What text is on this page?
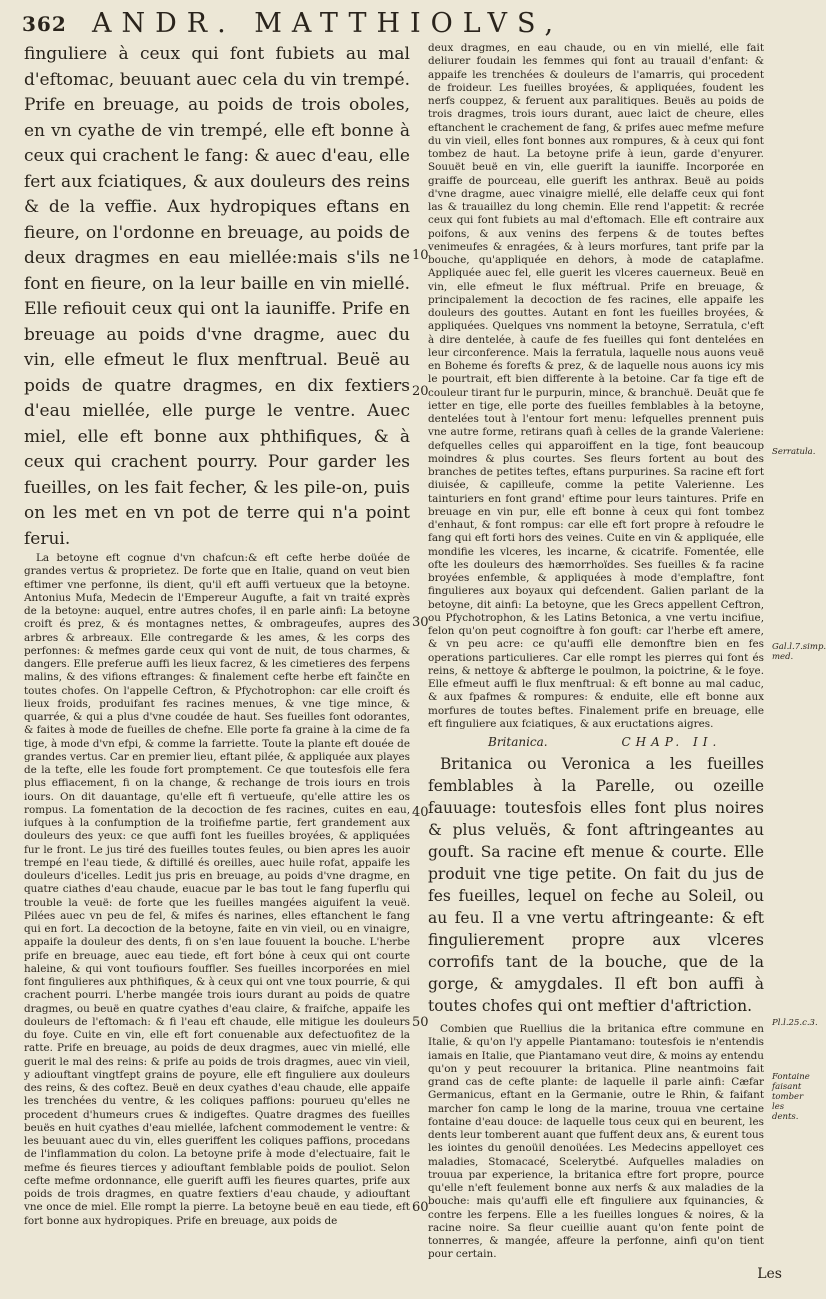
362 ANDR. MATTHIOLVS,

finguliere à ceux qui font fubiets au mal d'eftomac, beuuant auec cela du vin trempé. Prife en breuage, au poids de trois oboles, en vn cyathe de vin trempé, elle eft bonne à ceux qui crachent le fang: & auec d'eau, elle fert aux fciatiques, & aux douleurs des reins & de la veffie. Aux hydropiques eftans en fieure, on l'ordonne en breuage, au poids de deux dragmes en eau miellée:mais s'ils ne font en fieure, on la leur baille en vin miellé. Elle refiouit ceux qui ont la iauniffe. Prife en breuage au poids d'vne dragme, auec du vin, elle efmeut le flux menftrual. Beuë au poids de quatre dragmes, en dix fextiers d'eau miellée, elle purge le ventre. Auec miel, elle eft bonne aux phthifiques, & à ceux qui crachent pourry. Pour garder les fueilles, on les fait fecher, & les pile-on, puis on les met en vn pot de terre qui n'a point ferui.

La betoyne eft cognue d'vn chafcun:& eft cefte herbe doüée de grandes vertus & proprietez. De forte que en Italie, quand on veut bien eftimer vne perfonne, ils dient, qu'il eft auffi vertueux que la betoyne. Antonius Mufa, Medecin de l'Empereur Augufte, a fait vn traité exprès de la betoyne: auquel, entre autres chofes, il en parle ainfi: La betoyne croift és prez, & és montagnes nettes, & ombrageufes, aupres des arbres & arbreaux. Elle contregarde & les ames, & les corps des perfonnes: & mefmes garde ceux qui vont de nuit, de tous charmes, & dangers. Elle preferue auffi les lieux facrez, & les cimetieres des ferpens malins, & des vifions eftranges: & finalement cefte herbe eft fainčte en toutes chofes. On l'appelle Ceftron, & Pfychotrophon: car elle croift és lieux froids, produifant fes racines menues, & vne tige mince, & quarrée, & qui a plus d'vne coudée de haut. Ses fueilles font odorantes, & faites à mode de fueilles de chefne. Elle porte fa graine à la cime de fa tige, à mode d'vn efpi, & comme la farriette. Toute la plante eft douée de grandes vertus. Car en premier lieu, eftant pilée, & appliquée aux playes de la tefte, elle les foude fort promptement. Ce que toutesfois elle fera plus effiacement, fi on la change, & rechange de trois iours en trois iours. On dit dauantage, qu'elle eft fi vertueufe, qu'elle attire les os rompus. La fomentation de la decoction de fes racines, cuites en eau, iufques à la confumption de la troifiefme partie, fert grandement aux douleurs des yeux: ce que auffi font les fueilles broyées, & appliquées fur le front. Le jus tiré des fueilles toutes feules, ou bien apres les auoir trempé en l'eau tiede, & diftillé és oreilles, auec huile rofat, appaife les douleurs d'icelles. Ledit jus pris en breuage, au poids d'vne dragme, en quatre ciathes d'eau chaude, euacue par le bas tout le fang fuperflu qui trouble la veuë: de forte que les fueilles mangées aiguifent la veuë. Pilées auec vn peu de fel, & mifes és narines, elles eftanchent le fang qui en fort. La decoction de la betoyne, faite en vin vieil, ou en vinaigre, appaife la douleur des dents, fi on s'en laue fouuent la bouche. L'herbe prife en breuage, auec eau tiede, eft fort bóne à ceux qui ont courte haleine, & qui vont toufiours fouffler. Ses fueilles incorporées en miel font fingulieres aux phthifiques, & à ceux qui ont vne toux pourrie, & qui crachent pourri. L'herbe mangée trois iours durant au poids de quatre dragmes, ou beuë en quatre cyathes d'eau claire, & fraifche, appaife les douleurs de l'eftomach: & fi l'eau eft chaude, elle mitigue les douleurs du foye. Cuite en vin, elle eft fort conuenable aux defectuofitez de la ratte. Prife en breuage, au poids de deux dragmes, auec vin miellé, elle guerit le mal des reins: & prife au poids de trois dragmes, auec vin vieil, y adiouftant vingtfept grains de poyure, elle eft finguliere aux douleurs des reins, & des coftez. Beuë en deux cyathes d'eau chaude, elle appaife les trenchées du ventre, & les coliques paffions: pourueu qu'elles ne procedent d'humeurs crues & indigeftes. Quatre dragmes des fueilles beuës en huit cyathes d'eau miellée, lafchent commodement le ventre: & les beuuant auec du vin, elles gueriffent les coliques paffions, procedans de l'inflammation du colon. La betoyne prife à mode d'electuaire, fait le mefme és fieures tierces y adiouftant femblable poids de pouliot. Selon cefte mefme ordonnance, elle guerift auffi les fieures quartes, prife aux poids de trois dragmes, en quatre fextiers d'eau chaude, y adiouftant vne once de miel. Elle rompt la pierre. La betoyne beuë en eau tiede, eft fort bonne aux hydropiques. Prife en breuage, aux poids de

deux dragmes, en eau chaude, ou en vin miellé, elle fait deliurer foudain les femmes qui font au trauail d'enfant: & appaife les trenchées & douleurs de l'amarris, qui procedent de froideur. Les fueilles broyées, & appliquées, foudent les nerfs couppez, & feruent aux paralitiques. Beuës au poids de trois dragmes, trois iours durant, auec laict de cheure, elles eftanchent le crachement de fang, & prifes auec mefme mefure du vin vieil, elles font bonnes aux rompures, & à ceux qui font tombez de haut. La betoyne prife à ieun, garde d'enyurer. Souuët beuë en vin, elle guerift la iauniffe. Incorporée en graiffe de pourceau, elle guerift les anthrax. Beuë au poids d'vne dragme, auec vinaigre miellé, elle delaffe ceux qui font las & trauaillez du long chemin. Elle rend l'appetit: & recrée ceux qui font fubiets au mal d'eftomach. Elle eft contraire aux poifons, & aux venins des ferpens & de toutes beftes venimeufes & enragées, & à leurs morfures, tant prife par la bouche, qu'appliquée en dehors, à mode de cataplafme. Appliquée auec fel, elle guerit les vlceres cauerneux. Beuë en vin, elle efmeut le flux méftrual. Prife en breuage, & principalement la decoction de fes racines, elle appaife les douleurs des gouttes. Autant en font les fueilles broyées, & appliquées. Quelques vns nomment la betoyne, Serratula, c'eft à dire dentelée, à caufe de fes fueilles qui font dentelées en leur circonference. Mais la ferratula, laquelle nous auons veuë en Boheme és forefts & prez, & de laquelle nous auons icy mis le pourtrait, eft bien differente à la betoine. Car fa tige eft de couleur tirant fur le purpurin, mince, & branchuë. Deuāt que fe ietter en tige, elle porte des fueilles femblables à la betoyne, dentelées tout à l'entour fort menu: lefquelles prennent puis vne autre forme, retirans quafi à celles de la grande Valeriene: defquelles celles qui apparoiffent en la tige, font beaucoup moindres & plus courtes. Ses fleurs fortent au bout des branches de petites teftes, eftans purpurines. Sa racine eft fort diuisée, & capilleufe, comme la petite Valerienne. Les tainturiers en font grand' eftime pour leurs taintures. Prife en breuage en vin pur, elle eft bonne à ceux qui font tombez d'enhaut, & font rompus: car elle eft fort propre à refoudre le fang qui eft forti hors des veines. Cuite en vin & appliquée, elle mondifie les vlceres, les incarne, & cicatrife. Fomentée, elle ofte les douleurs des hæmorrhoïdes. Ses fueilles & fa racine broyées enfemble, & appliquées à mode d'emplaftre, font fingulieres aux boyaux qui defcendent. Galien parlant de la betoyne, dit ainfi: La betoyne, que les Grecs appellent Ceftron, ou Pfychotrophon, & les Latins Betonica, a vne vertu incifiue, felon qu'on peut cognoiftre à fon gouft: car l'herbe eft amere, & vn peu acre: ce qu'auffi elle demonftre bien en fes operations particulieres. Car elle rompt les pierres qui font és reins, & nettoye & abfterge le poulmon, la poictrine, & le foye. Elle efmeut auffi le flux menftrual: & eft bonne au mal caduc, & aux fpafmes & rompures: & enduite, elle eft bonne aux morfures de toutes beftes. Finalement prife en breuage, elle eft finguliere aux fciatiques, & aux eructations aigres.

Britanica.	CHAP. II.

Britanica ou Veronica a les fueilles femblables à la Parelle, ou ozeille fauuage: toutesfois elles font plus noires & plus veluës, & font aftringeantes au gouft. Sa racine eft menue & courte. Elle produit vne tige petite. On fait du jus de fes fueilles, lequel on feche au Soleil, ou au feu. Il a vne vertu aftringeante: & eft fingulierement propre aux vlceres corrofifs tant de la bouche, que de la gorge, & amygdales. Il eft bon auffi à toutes chofes qui ont meftier d'aftriction.

Combien que Ruellius die la britanica eftre commune en Italie, & qu'on l'y appelle Piantamano: toutesfois ie n'entendis iamais en Italie, que Piantamano veut dire, & moins ay entendu qu'on y peut recouurer la britanica. Pline neantmoins fait grand cas de cefte plante: de laquelle il parle ainfi: Cæfar Germanicus, eftant en la Germanie, outre le Rhin, & faifant marcher fon camp le long de la marine, trouua vne certaine fontaine d'eau douce: de laquelle tous ceux qui en beurent, les dents leur tomberent auant que fuffent deux ans, & eurent tous les iointes du genoüil denoüées. Les Medecins appelloyet ces maladies, Stomacacé, Scelerytbé. Aufquelles maladies on trouua par experience, la britanica eftre fort propre, pource qu'elle n'eft feulement bonne aux nerfs & aux maladies de la bouche: mais qu'auffi elle eft finguliere aux fquinancies, & contre les ferpens. Elle a les fueilles longues & noires, & la racine noire. Sa fleur cueillie auant qu'on fente point de tonnerres, & mangée, affeure la perfonne, ainfi qu'on tient pour certain.

10
20
30
40
50
60
Serratula.
Gal.l.7.simp. med.
Pl.l.25.c.3.
Fontaine faisant tomber les dents.
Les
